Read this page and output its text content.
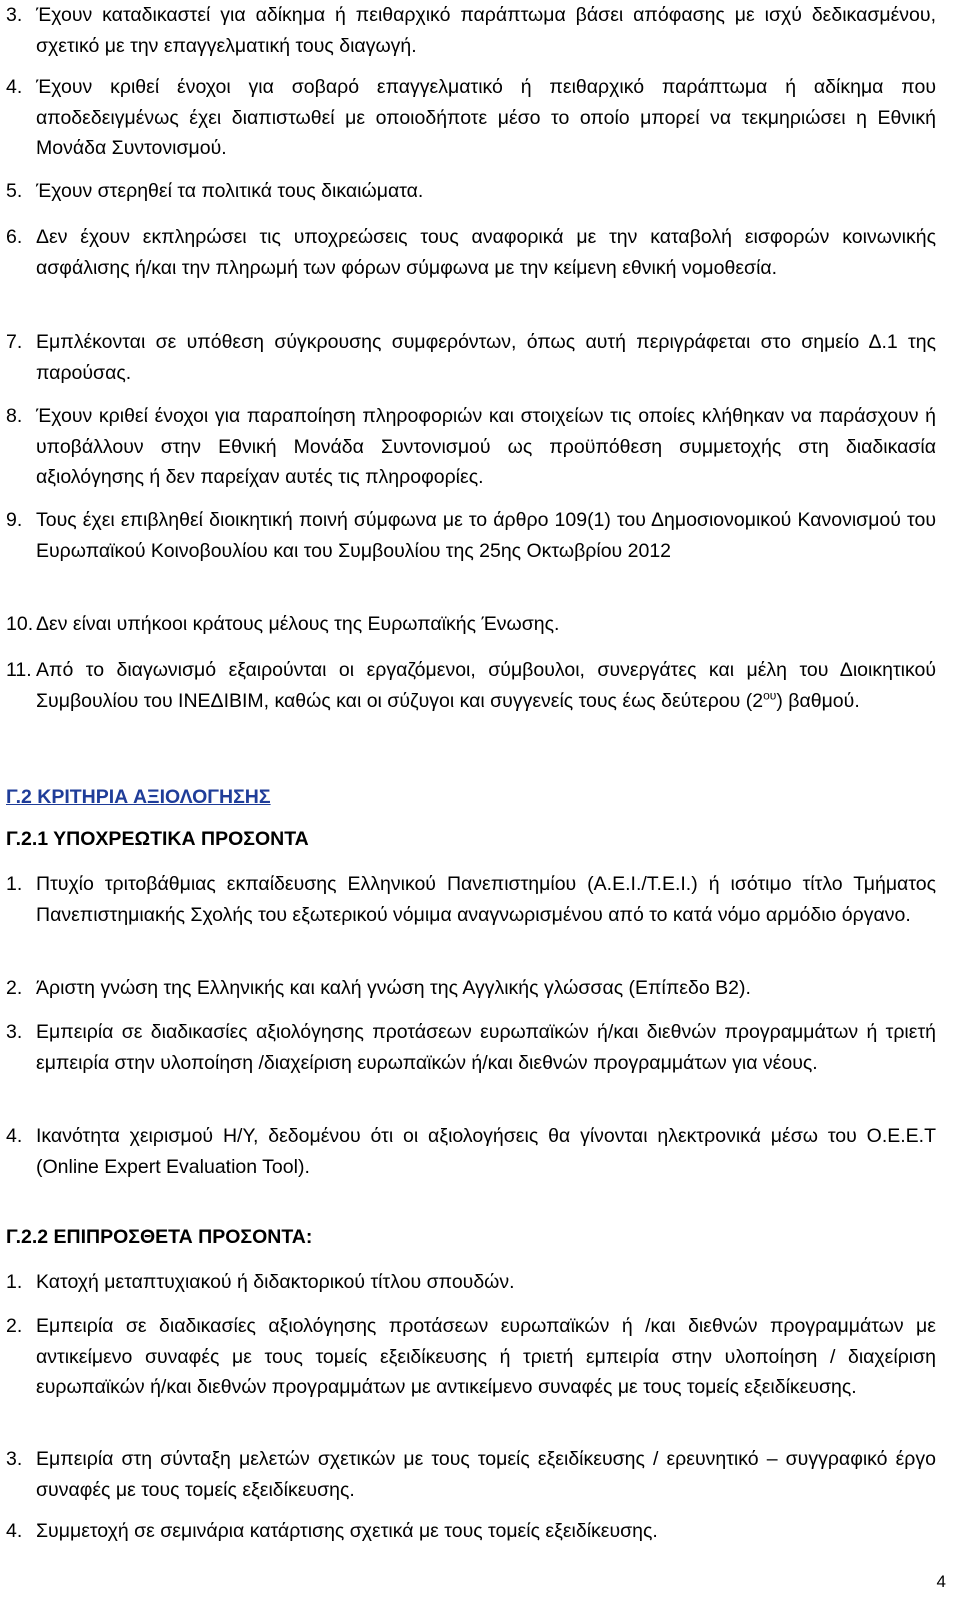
3. Έχουν καταδικαστεί για αδίκημα ή πειθαρχικό παράπτωμα βάσει απόφασης με ισχύ δεδικασμένου, σχετικό με την επαγγελματική τους διαγωγή.
4. Έχουν κριθεί ένοχοι για σοβαρό επαγγελματικό ή πειθαρχικό παράπτωμα ή αδίκημα που αποδεδειγμένως έχει διαπιστωθεί με οποιοδήποτε μέσο το οποίο μπορεί να τεκμηριώσει η Εθνική Μονάδα Συντονισμού.
5. Έχουν στερηθεί τα πολιτικά τους δικαιώματα.
6. Δεν έχουν εκπληρώσει τις υποχρεώσεις τους αναφορικά με την καταβολή εισφορών κοινωνικής ασφάλισης ή/και την πληρωμή των φόρων σύμφωνα με την κείμενη εθνική νομοθεσία.
7. Εμπλέκονται σε υπόθεση σύγκρουσης συμφερόντων, όπως αυτή περιγράφεται στο σημείο Δ.1 της παρούσας.
8. Έχουν κριθεί ένοχοι για παραποίηση πληροφοριών και στοιχείων τις οποίες κλήθηκαν να παράσχουν ή υποβάλλουν στην Εθνική Μονάδα Συντονισμού ως προϋπόθεση συμμετοχής στη διαδικασία αξιολόγησης ή δεν παρείχαν αυτές τις πληροφορίες.
9. Τους έχει επιβληθεί διοικητική ποινή σύμφωνα με το άρθρο 109(1) του Δημοσιονομικού Κανονισμού του Ευρωπαϊκού Κοινοβουλίου και του Συμβουλίου της 25ης Οκτωβρίου 2012
10. Δεν είναι υπήκοοι κράτους μέλους της Ευρωπαϊκής Ένωσης.
11. Από το διαγωνισμό εξαιρούνται οι εργαζόμενοι, σύμβουλοι, συνεργάτες και μέλη του Διοικητικού Συμβουλίου του ΙΝΕΔΙΒΙΜ, καθώς και οι σύζυγοι και συγγενείς τους έως δεύτερου $(2^{o\upsilon})$ βαθμού.
Γ.2 ΚΡΙΤΗΡΙΑ ΑΞΙΟΛΟΓΗΣΗΣ
Γ.2.1 ΥΠΟΧΡΕΩΤΙΚΑ ΠΡΟΣΟΝΤΑ
1. Πτυχίο τριτοβάθμιας εκπαίδευσης Ελληνικού Πανεπιστημίου (Α.Ε.Ι./Τ.Ε.Ι.) ή ισότιμο τίτλο Τμήματος Πανεπιστημιακής Σχολής του εξωτερικού νόμιμα αναγνωρισμένου από το κατά νόμο αρμόδιο όργανο.
2. Άριστη γνώση της Ελληνικής και καλή γνώση της Αγγλικής γλώσσας (Επίπεδο Β2).
3. Εμπειρία σε διαδικασίες αξιολόγησης προτάσεων ευρωπαϊκών ή/και διεθνών προγραμμάτων ή τριετή εμπειρία στην υλοποίηση /διαχείριση ευρωπαϊκών ή/και διεθνών προγραμμάτων για νέους.
4. Ικανότητα χειρισμού Η/Υ, δεδομένου ότι οι αξιολογήσεις θα γίνονται ηλεκτρονικά μέσω του Ο.Ε.Ε.Τ (Online Expert Evaluation Tool).
Γ.2.2 ΕΠΙΠΡΟΣΘΕΤΑ ΠΡΟΣΟΝΤΑ:
1. Κατοχή μεταπτυχιακού ή διδακτορικού τίτλου σπουδών.
2. Εμπειρία σε διαδικασίες αξιολόγησης προτάσεων ευρωπαϊκών ή /και διεθνών προγραμμάτων με αντικείμενο συναφές με τους τομείς εξειδίκευσης ή τριετή εμπειρία στην υλοποίηση / διαχείριση ευρωπαϊκών ή/και διεθνών προγραμμάτων με αντικείμενο συναφές με τους τομείς εξειδίκευσης.
3. Εμπειρία στη σύνταξη μελετών σχετικών με τους τομείς εξειδίκευσης / ερευνητικό – συγγραφικό έργο συναφές με τους τομείς εξειδίκευσης.
4. Συμμετοχή σε σεμινάρια κατάρτισης σχετικά με τους τομείς εξειδίκευσης.
4
